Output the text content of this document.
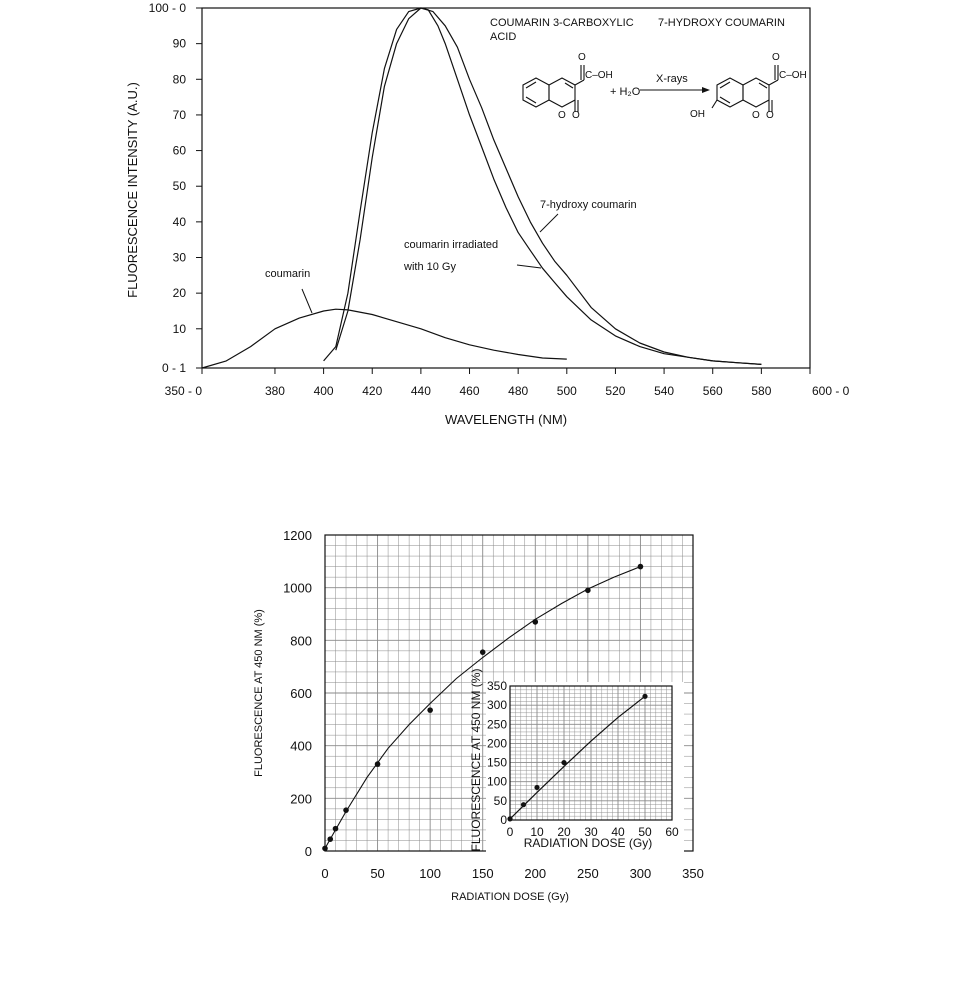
350 - 0	380 400 420 440 460 480 500 520 540 560 580	600 - 0
0 - 1
10
20
30
40
50
60
70
80
90
100 - 0
WAVELENGTH (NM)
FLUORESCENCE INTENSITY (A.U.)	coumarin
coumarin irradiated
with 10 Gy
7-hydroxy coumarin
COUMARIN 3-CARBOXYLIC
ACID
7-HYDROXY COUMARIN
O
C–OH
O O
+ H₂O
X-rays
O
C–OH
OH	O O
0	50	100 150 200 250 300 350
0
200
400
600
800
1000
1200
RADIATION DOSE (Gy)
FLUORESCENCE AT 450 NM (%)
0 10 20 30 40 50 60
0
50
100
150
200
250
300
350
RADIATION DOSE (Gy)
FLUORESCENCE AT 450 NM (%)
